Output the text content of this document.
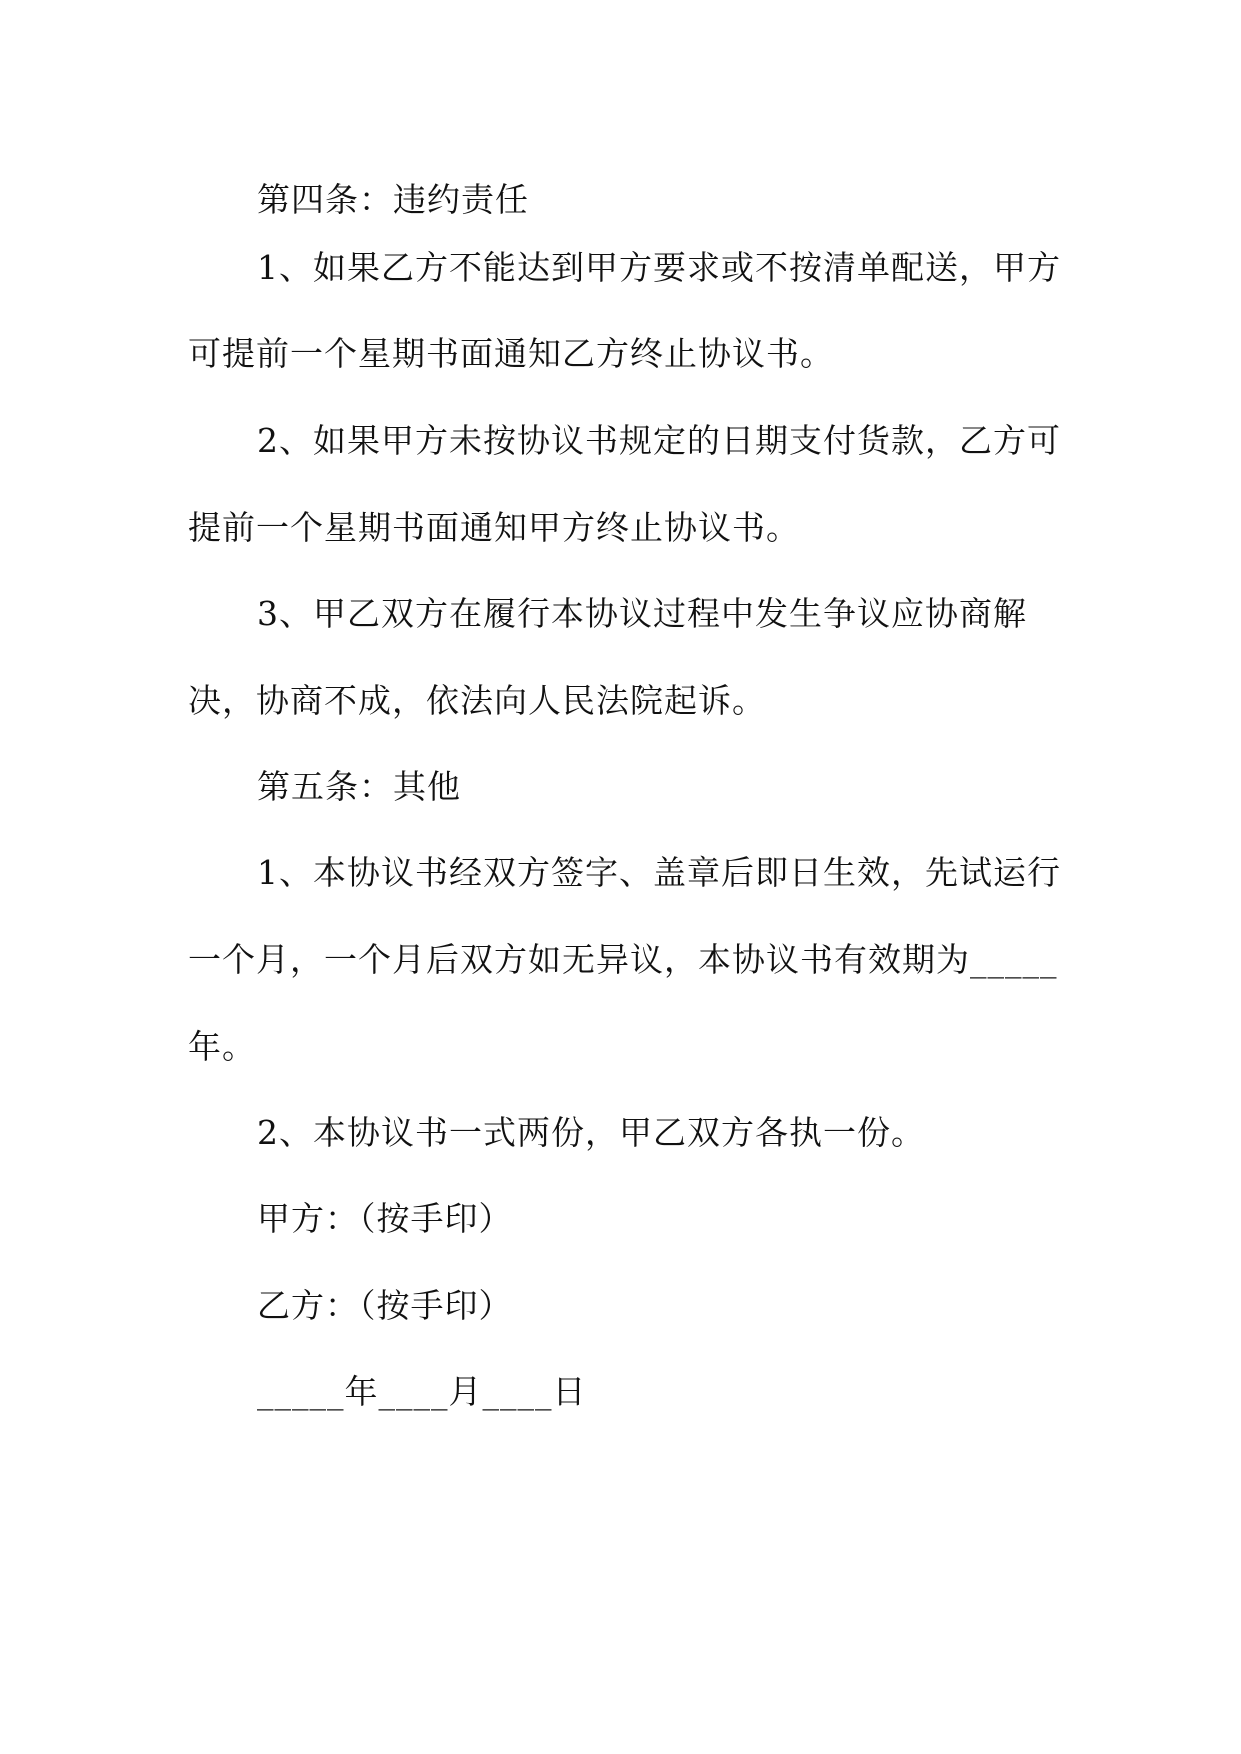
第四条：违约责任

1、如果乙方不能达到甲方要求或不按清单配送，甲方

可提前一个星期书面通知乙方终止协议书。

2、如果甲方未按协议书规定的日期支付货款，乙方可

提前一个星期书面通知甲方终止协议书。

3、甲乙双方在履行本协议过程中发生争议应协商解

决，协商不成，依法向人民法院起诉。

第五条：其他

1、本协议书经双方签字、盖章后即日生效，先试运行

一个月，一个月后双方如无异议，本协议书有效期为_____

年。

2、本协议书一式两份，甲乙双方各执一份。

甲方：（按手印）

乙方：（按手印）

_____年____月____日
